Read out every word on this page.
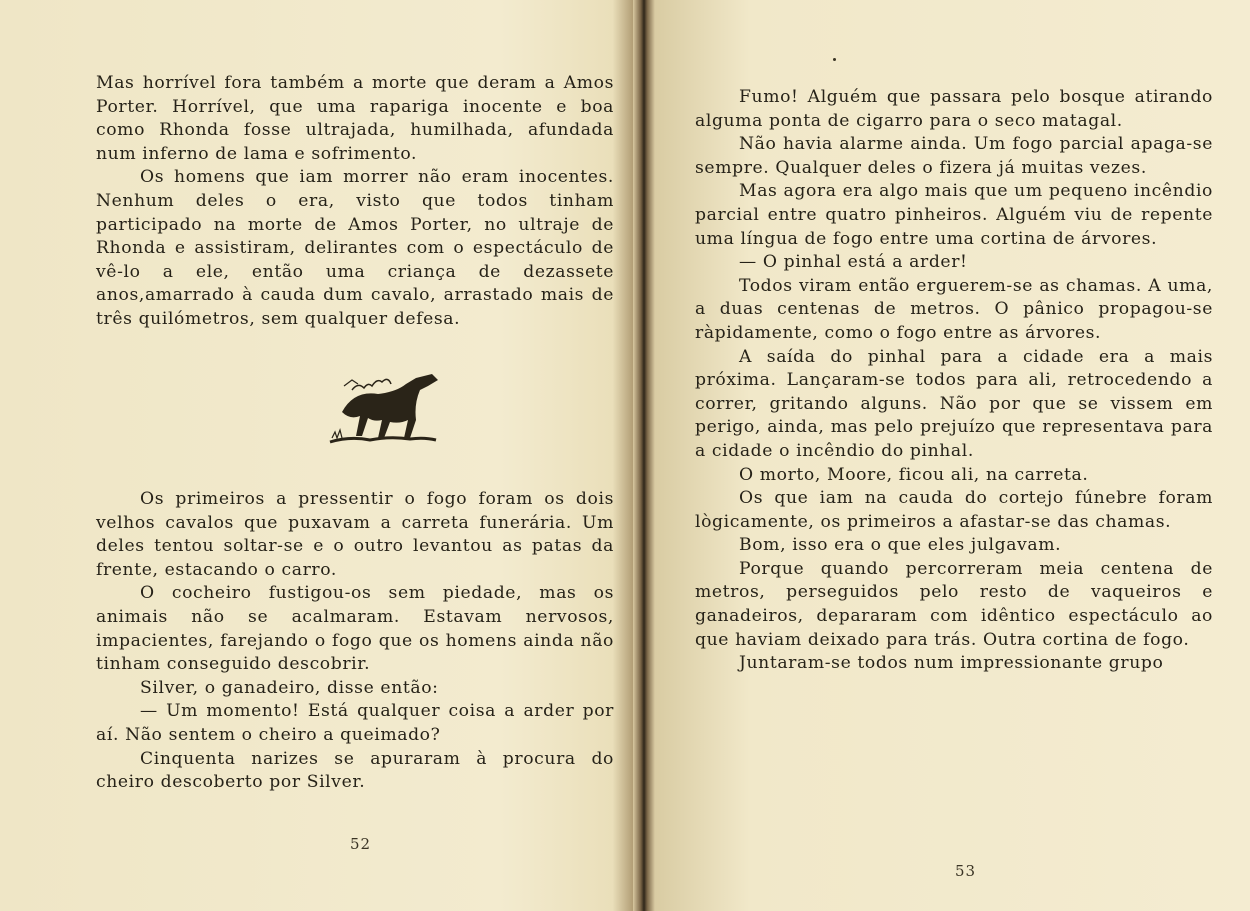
Mas horrível fora também a morte que deram a Amos Porter. Horrível, que uma rapariga inocente e boa como Rhonda fosse ultrajada, humilhada, afundada num inferno de lama e sofrimento.

Os homens que iam morrer não eram inocentes. Nenhum deles o era, visto que todos tinham participado na morte de Amos Porter, no ultraje de Rhonda e assistiram, delirantes com o espectáculo de vê-lo a ele, então uma criança de dezassete anos,amarrado à cauda dum cavalo, arrastado mais de três quilómetros, sem qualquer defesa.

Os primeiros a pressentir o fogo foram os dois velhos cavalos que puxavam a carreta funerária. Um deles tentou soltar-se e o outro levantou as patas da frente, estacando o carro.

O cocheiro fustigou-os sem piedade, mas os animais não se acalmaram. Estavam nervosos, impacientes, farejando o fogo que os homens ainda não tinham conseguido descobrir.

Silver, o ganadeiro, disse então:

— Um momento! Está qualquer coisa a arder por aí. Não sentem o cheiro a queimado?

Cinquenta narizes se apuraram à procura do cheiro descoberto por Silver.

52

Fumo! Alguém que passara pelo bosque atirando alguma ponta de cigarro para o seco matagal.

Não havia alarme ainda. Um fogo parcial apaga-se sempre. Qualquer deles o fizera já muitas vezes.

Mas agora era algo mais que um pequeno incêndio parcial entre quatro pinheiros. Alguém viu de repente uma língua de fogo entre uma cortina de árvores.

— O pinhal está a arder!

Todos viram então erguerem-se as chamas. A uma, a duas centenas de metros. O pânico propagou-se ràpidamente, como o fogo entre as árvores.

A saída do pinhal para a cidade era a mais próxima. Lançaram-se todos para ali, retrocedendo a correr, gritando alguns. Não por que se vissem em perigo, ainda, mas pelo prejuízo que representava para a cidade o incêndio do pinhal.

O morto, Moore, ficou ali, na carreta.

Os que iam na cauda do cortejo fúnebre foram lògicamente, os primeiros a afastar-se das chamas.

Bom, isso era o que eles julgavam.

Porque quando percorreram meia centena de metros, perseguidos pelo resto de vaqueiros e ganadeiros, depararam com idêntico espectáculo ao que haviam deixado para trás. Outra cortina de fogo.

Juntaram-se todos num impressionante grupo

53
